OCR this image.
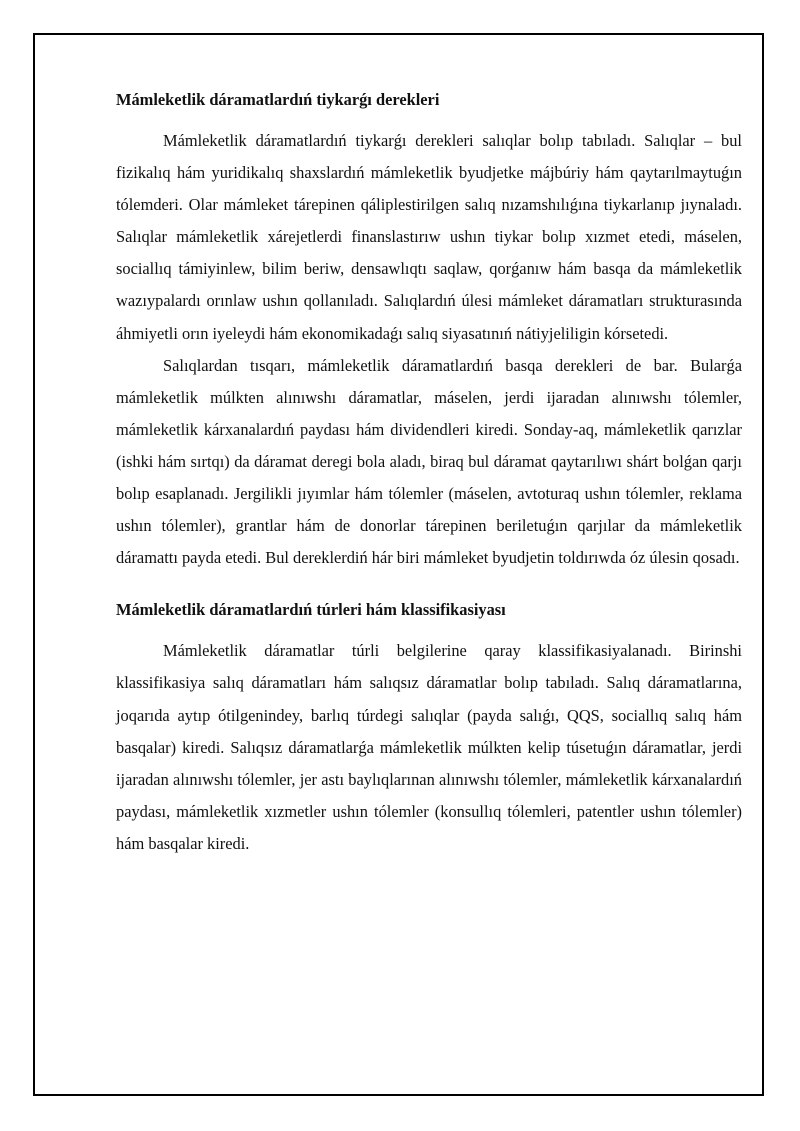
Mámleketlik dáramatlardıń tiykarǵı derekleri

Mámleketlik dáramatlardıń tiykarǵı derekleri salıqlar bolıp tabıladı. Salıqlar – bul fizikalıq hám yuridikalıq shaxslardıń mámleketlik byudjetke májbúriy hám qaytarılmaytuǵın tólemderi. Olar mámleket tárepinen qáliplestirilgen salıq nızamshılıǵına tiykarlanıp jıynaladı. Salıqlar mámleketlik xárejetlerdi finanslastırıw ushın tiykar bolıp xızmet etedi, máselen, sociallıq támiyinlew, bilim beriw, densawlıqtı saqlaw, qorǵanıw hám basqa da mámleketlik wazıypalardı orınlaw ushın qollanıladı. Salıqlardıń úlesi mámleket dáramatları strukturasında áhmiyetli orın iyeleydi hám ekonomikadaǵı salıq siyasatınıń nátiyjeliligin kórsetedi.

Salıqlardan tısqarı, mámleketlik dáramatlardıń basqa derekleri de bar. Bularǵa mámleketlik múlkten alınıwshı dáramatlar, máselen, jerdi ijaradan alınıwshı tólemler, mámleketlik kárxanalardıń paydası hám dividendleri kiredi. Sonday-aq, mámleketlik qarızlar (ishki hám sırtqı) da dáramat deregi bola aladı, biraq bul dáramat qaytarılıwı shárt bolǵan qarjı bolıp esaplanadı. Jergilikli jıyımlar hám tólemler (máselen, avtoturaq ushın tólemler, reklama ushın tólemler), grantlar hám de donorlar tárepinen beriletuǵın qarjılar da mámleketlik dáramattı payda etedi. Bul dereklerdiń hár biri mámleket byudjetin toldırıwda óz úlesin qosadı.

Mámleketlik dáramatlardıń túrleri hám klassifikasiyası

Mámleketlik dáramatlar túrli belgilerine qaray klassifikasiyalanadı. Birinshi klassifikasiya salıq dáramatları hám salıqsız dáramatlar bolıp tabıladı. Salıq dáramatlarına, joqarıda aytıp ótilgenindey, barlıq túrdegi salıqlar (payda salıǵı, QQS, sociallıq salıq hám basqalar) kiredi. Salıqsız dáramatlarǵa mámleketlik múlkten kelip túsetuǵın dáramatlar, jerdi ijaradan alınıwshı tólemler, jer astı baylıqlarınan alınıwshı tólemler, mámleketlik kárxanalardıń paydası, mámleketlik xızmetler ushın tólemler (konsullıq tólemleri, patentler ushın tólemler) hám basqalar kiredi.
